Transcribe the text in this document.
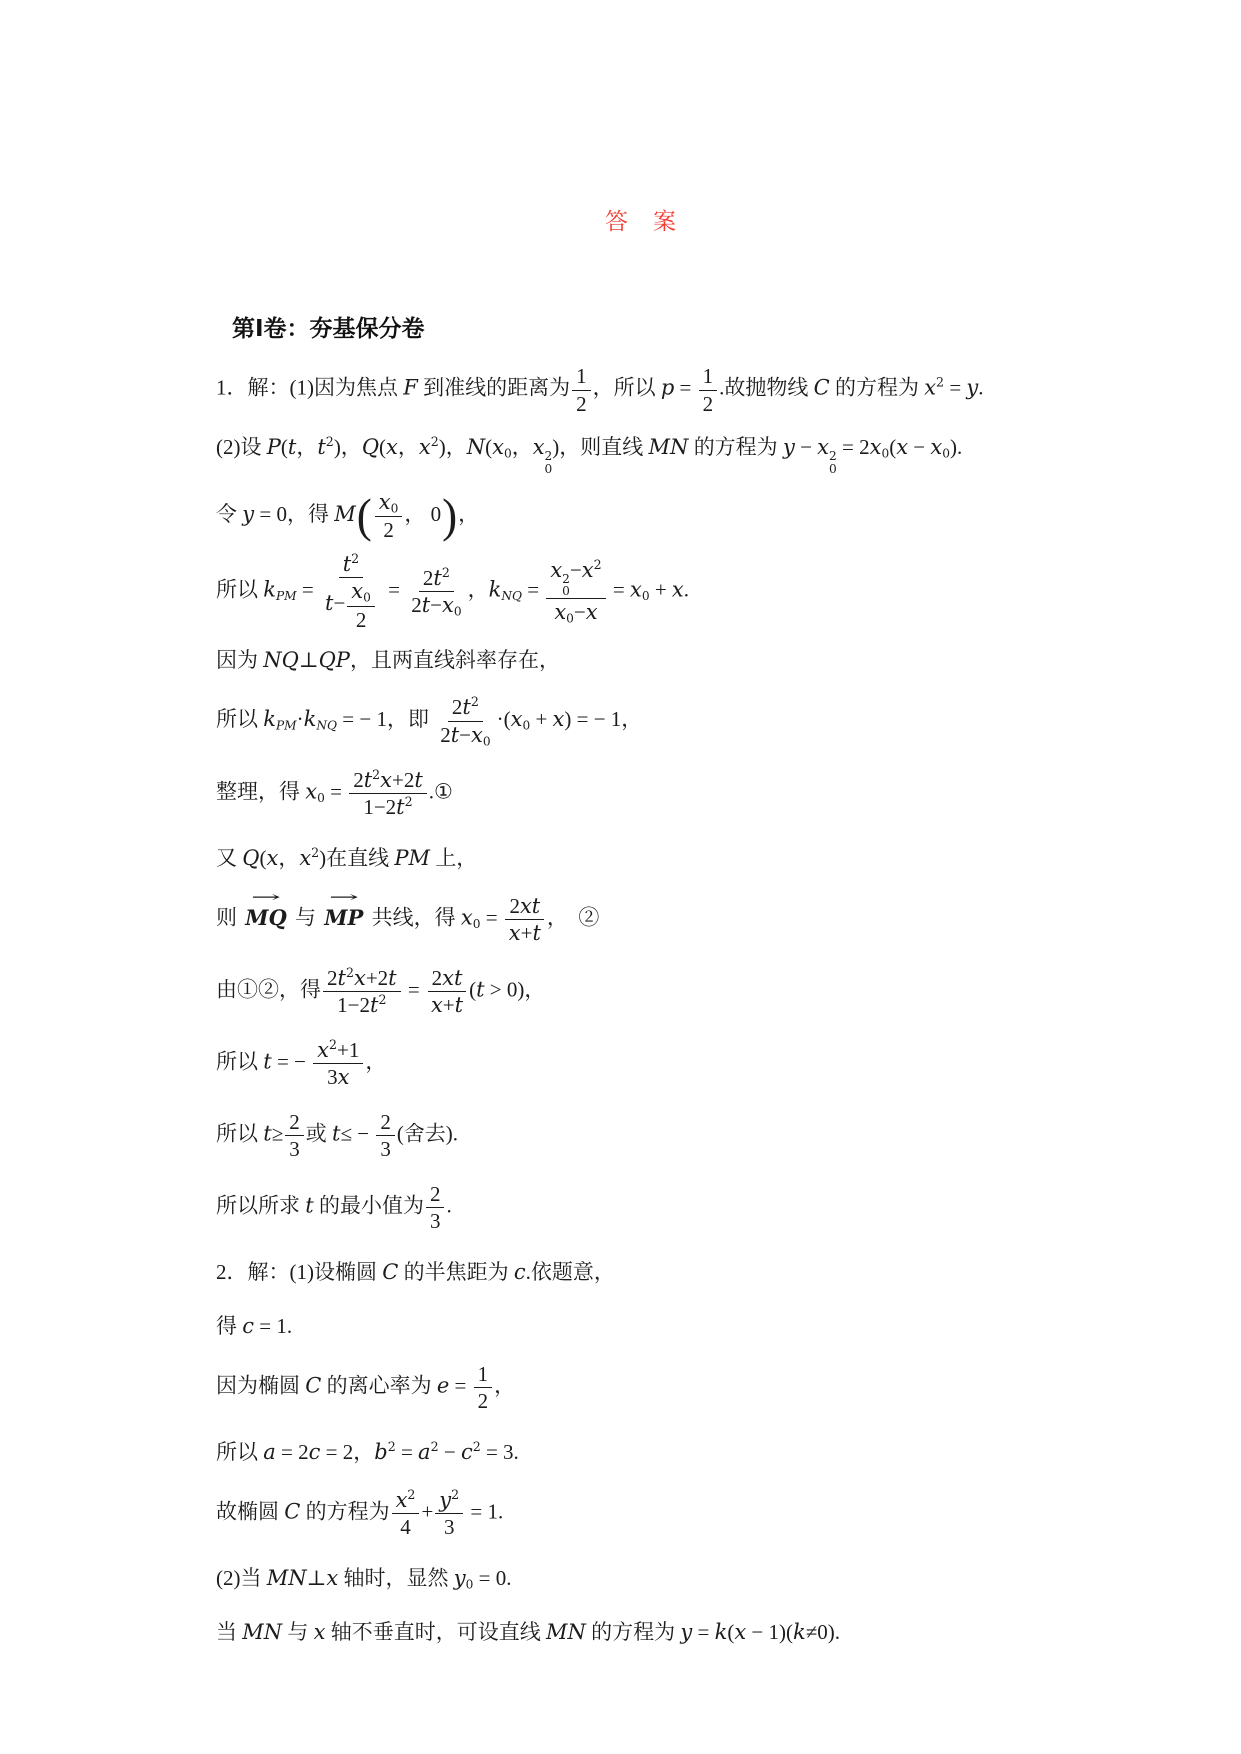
答　案
第Ⅰ卷：夯基保分卷
1．解：(1)因为焦点 F 到准线的距离为 $\frac{1}{2}$ ，所以 $p = \frac{1}{2}$ .故抛物线 C 的方程为 $x^2 = y$.
(2)设 P(t，$t^2$)，Q(x，$x^2$)，N(x0，x 2
0
)，则直线 MN 的方程为 y − x 2
0
= 2x0(x − x0).
令 y = 0，得 $M( \frac{x0}{2}$ ， 0)，
所以 kPM = $\frac{t^2}{t- \frac{x0}{2}} = \frac{2t^2}{2t-x0}$ ，kNQ = x 2
0
$-x^2$
x0−x = x0 + x.
因为 NQ⊥QP，且两直线斜率存在，
所以 kPM·kNQ = − 1，即 $\frac{2t^2}{2t-x0} \cdot(x0 + x)$ = − 1，
整理，得 $x0 = \frac{2t^2x+2t}{1-2t^2}$ .①
又 Q(x，$x^2$)在直线 PM 上，
则
→
MQ 与
→
MP 共线，得 $x0 = \frac{2xt}{x+t}$ ，　②
由①②，得 $\frac{2t^2x+2t}{1-2t^2} = \frac{2xt}{x+t} (t > 0)$，
所以 t = − $\frac{x^2+1}{3x}$ ，
所以 $t\ge \frac{2}{3}$ 或 $t\le - \frac{2}{3}$ (舍去).
所以所求 t 的最小值为 $\frac{2}{3}$ .
2．解：(1)设椭圆 C 的半焦距为 c.依题意，
得 c = 1.
因为椭圆 C 的离心率为 $e = \frac{1}{2}$ ，
所以 a = 2c = 2，$b^2 = a^2 - c^2 = 3$.
故椭圆 C 的方程为 $\frac{x^2}{4} + \frac{y^2}{3} = 1$.
(2)当 MN⊥x 轴时，显然 y0 = 0.
当 MN 与 x 轴不垂直时，可设直线 MN 的方程为 y = k(x − 1)(k≠0).
